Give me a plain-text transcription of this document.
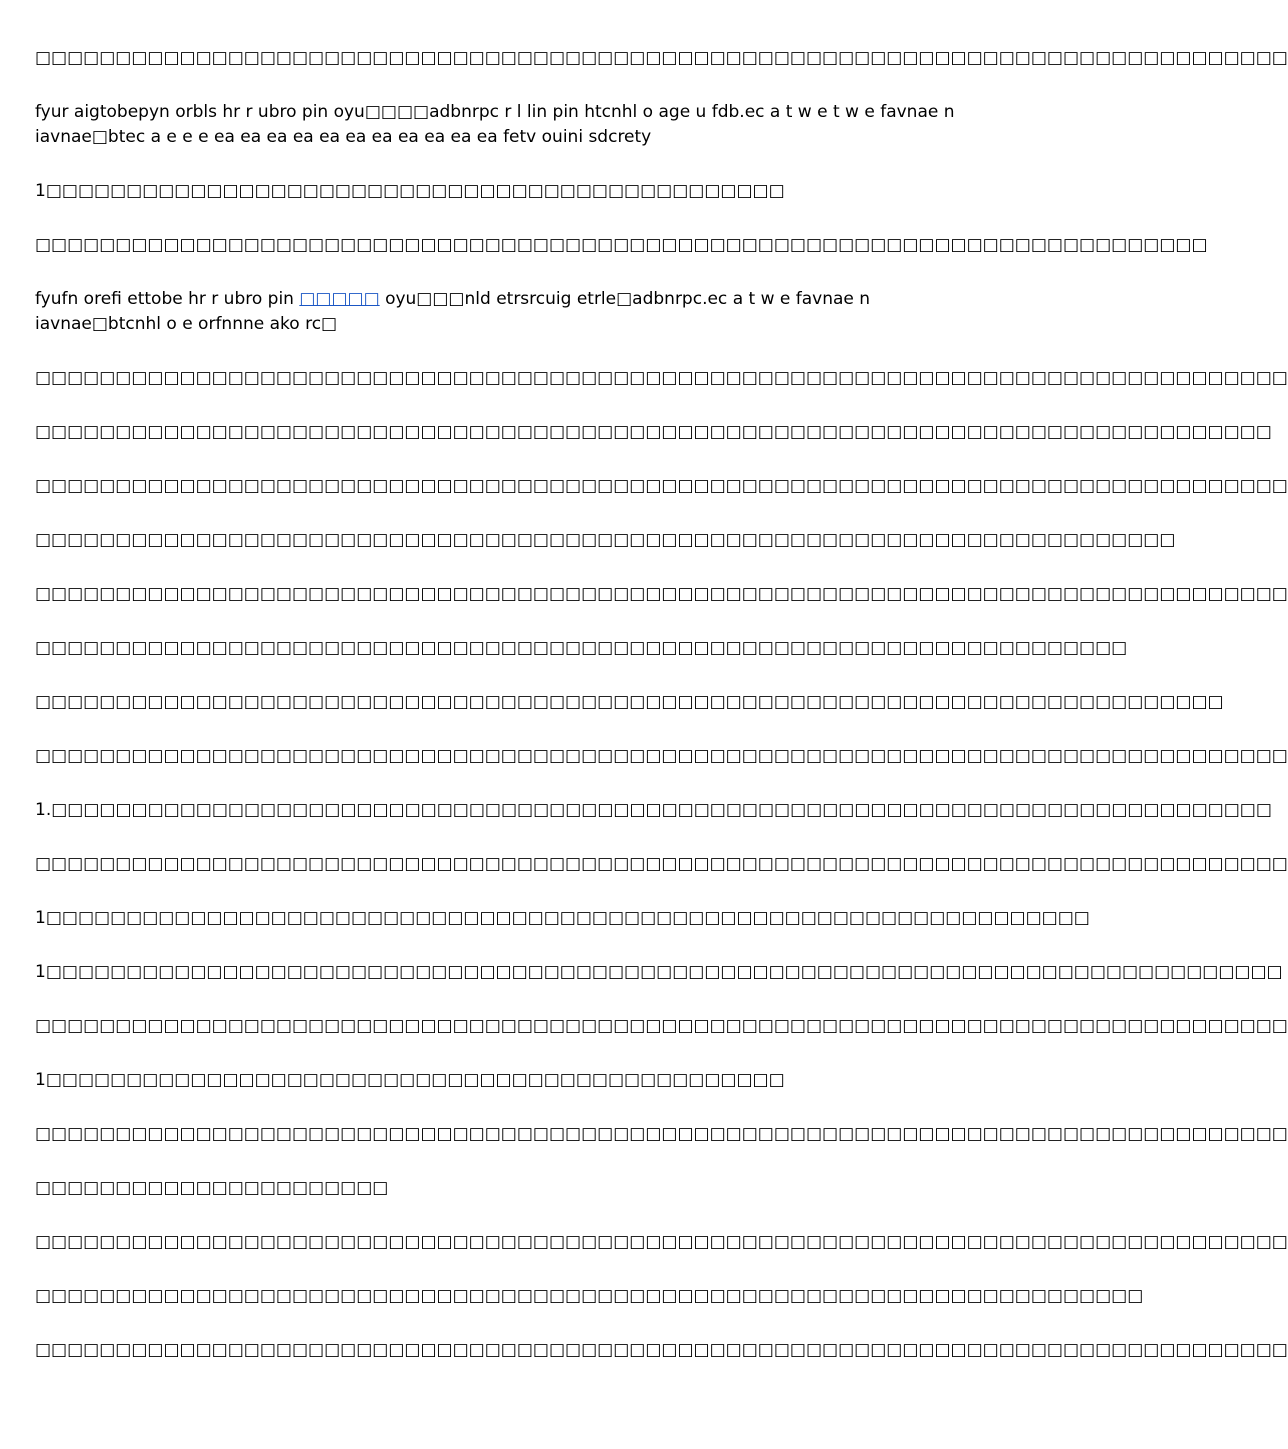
□□□□□□□□□□□□□□□□□□□□□□□□□□□□□□□□□□□□□□□□□□□□□□□□□□□□□□□□□□□□□□□□□□□□□□□□□□□□□□

fyur aigtobepyn orbls hr r ubro pin oyu□□□□adbnrpc r l lin pin htcnhl o age u fdb.ec a t w e t w e favnae n iavnae□btec a e e e ea ea ea ea ea ea ea ea ea ea ea fetv ouini sdcrety

1□□□□□□□□□□□□□□□□□□□□□□□□□□□□□□□□□□□□□□□□□□□□□□

□□□□□□□□□□□□□□□□□□□□□□□□□□□□□□□□□□□□□□□□□□□□□□□□□□□□□□□□□□□□□□□□□□□□□□□□□

fyufn orefi ettobe hr r ubro pin □□□□□ oyu□□□nld etrsrcuig etrle□adbnrpc.ec a t w e favnae n iavnae□btcnhl o e orfnnne ako rc□

□□□□□□□□□□□□□□□□□□□□□□□□□□□□□□□□□□□□□□□□□□□□□□□□□□□□□□□□□□□□□□□□□□□□□□□□□□□□□□

□□□□□□□□□□□□□□□□□□□□□□□□□□□□□□□□□□□□□□□□□□□□□□□□□□□□□□□□□□□□□□□□□□□□□□□□□□□□□

□□□□□□□□□□□□□□□□□□□□□□□□□□□□□□□□□□□□□□□□□□□□□□□□□□□□□□□□□□□□□□□□□□□□□□□□□□□□□□

□□□□□□□□□□□□□□□□□□□□□□□□□□□□□□□□□□□□□□□□□□□□□□□□□□□□□□□□□□□□□□□□□□□□□□□

□□□□□□□□□□□□□□□□□□□□□□□□□□□□□□□□□□□□□□□□□□□□□□□□□□□□□□□□□□□□□□□□□□□□□□□□□□□□□□

□□□□□□□□□□□□□□□□□□□□□□□□□□□□□□□□□□□□□□□□□□□□□□□□□□□□□□□□□□□□□□□□□□□□

□□□□□□□□□□□□□□□□□□□□□□□□□□□□□□□□□□□□□□□□□□□□□□□□□□□□□□□□□□□□□□□□□□□□□□□□□□

□□□□□□□□□□□□□□□□□□□□□□□□□□□□□□□□□□□□□□□□□□□□□□□□□□□□□□□□□□□□□□□□□□□□□□□□□□□□□□

1.□□□□□□□□□□□□□□□□□□□□□□□□□□□□□□□□□□□□□□□□□□□□□□□□□□□□□□□□□□□□□□□□□□□□□□□□□□□□

□□□□□□□□□□□□□□□□□□□□□□□□□□□□□□□□□□□□□□□□□□□□□□□□□□□□□□□□□□□□□□□□□□□□□□□□□□□□□□

1□□□□□□□□□□□□□□□□□□□□□□□□□□□□□□□□□□□□□□□□□□□□□□□□□□□□□□□□□□□□□□□□□

1□□□□□□□□□□□□□□□□□□□□□□□□□□□□□□□□□□□□□□□□□□□□□□□□□□□□□□□□□□□□□□□□□□□□□□□□□□□□□

□□□□□□□□□□□□□□□□□□□□□□□□□□□□□□□□□□□□□□□□□□□□□□□□□□□□□□□□□□□□□□□□□□□□□□□□□□□□□□

1□□□□□□□□□□□□□□□□□□□□□□□□□□□□□□□□□□□□□□□□□□□□□□

□□□□□□□□□□□□□□□□□□□□□□□□□□□□□□□□□□□□□□□□□□□□□□□□□□□□□□□□□□□□□□□□□□□□□□□□□□□□□□

□□□□□□□□□□□□□□□□□□□□□□

□□□□□□□□□□□□□□□□□□□□□□□□□□□□□□□□□□□□□□□□□□□□□□□□□□□□□□□□□□□□□□□□□□□□□□□□□□□□□□

□□□□□□□□□□□□□□□□□□□□□□□□□□□□□□□□□□□□□□□□□□□□□□□□□□□□□□□□□□□□□□□□□□□□□

□□□□□□□□□□□□□□□□□□□□□□□□□□□□□□□□□□□□□□□□□□□□□□□□□□□□□□□□□□□□□□□□□□□□□□□□□□□□□□
